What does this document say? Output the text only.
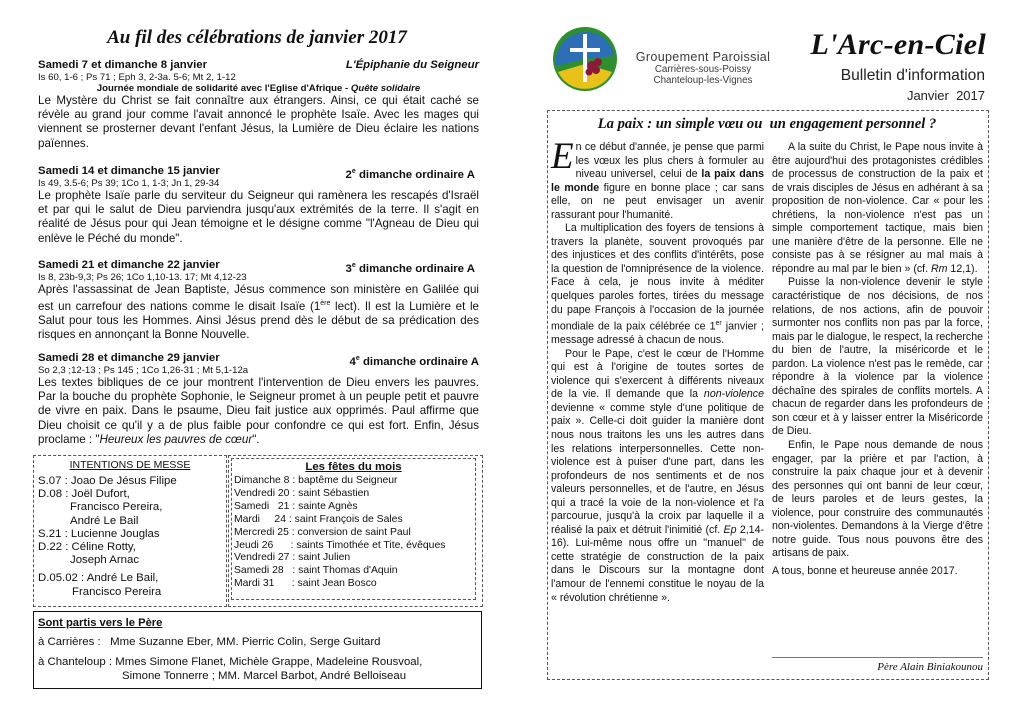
Au fil des célébrations de janvier 2017
Samedi 7 et dimanche 8 janvier	L'Épiphanie du Seigneur
Is 60, 1-6 ; Ps 71 ; Eph 3, 2-3a. 5-6; Mt 2, 1-12
Journée mondiale de solidarité avec l'Eglise d'Afrique - Quête solidaire

Le Mystère du Christ se fait connaître aux étrangers. Ainsi, ce qui était caché se révèle au grand jour comme l'avait annoncé le prophète Isaïe. Avec les mages qui viennent se prosterner devant l'enfant Jésus, la Lumière de Dieu éclaire les nations païennes.

Samedi 14 et dimanche 15 janvier	2e dimanche ordinaire A
Is 49, 3.5-6; Ps 39; 1Co 1, 1-3; Jn 1, 29-34

Le prophète Isaïe parle du serviteur du Seigneur qui ramènera les rescapés d'Israël et par qui le salut de Dieu parviendra jusqu'aux extrémités de la terre. Il s'agit en réalité de Jésus pour qui Jean témoigne et le désigne comme "l'Agneau de Dieu qui enlève le Péché du monde".

Samedi 21 et dimanche 22 janvier	3e dimanche ordinaire A
Is 8, 23b-9,3; Ps 26; 1Co 1,10-13. 17; Mt 4,12-23

Après l'assassinat de Jean Baptiste, Jésus commence son ministère en Galilée qui est un carrefour des nations comme le disait Isaïe (1ère lect). Il est la Lumière et le Salut pour tous les Hommes. Ainsi Jésus prend dès le début de sa prédication des risques en annonçant la Bonne Nouvelle.

Samedi 28 et dimanche 29 janvier	4e dimanche ordinaire A
So 2,3 ;12-13 ; Ps 145 ; 1Co 1,26-31 ; Mt 5,1-12a

Les textes bibliques de ce jour montrent l'intervention de Dieu envers les pauvres. Par la bouche du prophète Sophonie, le Seigneur promet à un peuple petit et pauvre de vivre en paix. Dans le psaume, Dieu fait justice aux opprimés. Paul affirme que Dieu choisit ce qu'il y a de plus faible pour confondre ce qui est fort. Enfin, Jésus proclame : "Heureux les pauvres de cœur".

INTENTIONS DE MESSE
S.07 : Joao De Jésus Filipe
D.08 : Joël Dufort,
Francisco Pereira,
André Le Bail
S.21 : Lucienne Jouglas
D.22 : Céline Rotty,
Joseph Arnac
D.05.02 : André Le Bail,
Francisco Pereira
Les fêtes du mois
Dimanche 8 : baptême du Seigneur
Vendredi 20 : saint Sébastien
Samedi   21 : sainte Agnès
Mardi     24 : saint François de Sales
Mercredi 25 : conversion de saint Paul
Jeudi 26      : saints Timothée et Tite, évêques
Vendredi 27 : saint Julien
Samedi 28   : saint Thomas d'Aquin
Mardi 31      : saint Jean Bosco
Sont partis vers le Père
à Carrières : Mme Suzanne Eber, MM. Pierric Colin, Serge Guitard
à Chanteloup : Mmes Simone Flanet, Michèle Grappe, Madeleine Rousvoal,
Simone Tonnerre ; MM. Marcel Barbot, André Belloiseau
Groupement Paroissial
Carrières-sous-Poissy
Chanteloup-les-Vignes
L'Arc-en-Ciel
Bulletin d'information
Janvier  2017
La paix : un simple vœu ou  un engagement personnel ?
E n ce début d'année, je pense que parmi les vœux les plus chers à formuler au niveau universel, celui de la paix dans le monde figure en bonne place ; car sans elle, on ne peut envisager un avenir rassurant pour l'humanité.

La multiplication des foyers de tensions à travers la planète, souvent provoqués par des injustices et des conflits d'intérêts, pose la question de l'omniprésence de la violence. Face à cela, je nous invite à méditer quelques paroles fortes, tirées du message du pape François à l'occasion de la journée mondiale de la paix célébrée ce 1er janvier ; message adressé à chacun de nous.

Pour le Pape, c'est le cœur de l'Homme qui est à l'origine de toutes sortes de violence qui s'exercent à différents niveaux de la vie. Il demande que la non-violence devienne « comme style d'une politique de paix ». Celle-ci doit guider la manière dont nous nous traitons les uns les autres dans les relations interpersonnelles. Cette non-violence est à puiser d'une part, dans les profondeurs de nos sentiments et de nos valeurs personnelles, et de l'autre, en Jésus qui a tracé la voie de la non-violence et l'a parcourue, jusqu'à la croix par laquelle il a réalisé la paix et détruit l'inimitié (cf. Ep 2,14-16). Lui-même nous offre un ''manuel'' de cette stratégie de construction de la paix dans le Discours sur la montagne dont l'amour de l'ennemi constitue le noyau de la « révolution chrétienne ».

A la suite du Christ, le Pape nous invite à être aujourd'hui des protagonistes crédibles de processus de construction de la paix et de vrais disciples de Jésus en adhérant à sa proposition de non-violence. Car « pour les chrétiens, la non-violence n'est pas un simple comportement tactique, mais bien une manière d'être de la personne. Elle ne consiste pas à se résigner au mal mais à répondre au mal par le bien » (cf. Rm 12,1).

Puisse la non-violence devenir le style caractéristique de nos décisions, de nos relations, de nos actions, afin de pouvoir surmonter nos conflits non pas par la force, mais par le dialogue, le respect, la recherche du bien de l'autre, la miséricorde et le pardon. La violence n'est pas le remède, car répondre à la violence par la violence déchaîne des spirales de conflits mortels. A chacun de regarder dans les profondeurs de son cœur et à y laisser entrer la Miséricorde de Dieu.

Enfin, le Pape nous demande de nous engager, par la prière et par l'action, à construire la paix chaque jour et à devenir des personnes qui ont banni de leur cœur, de leurs paroles et de leurs gestes, la violence, pour construire des communautés non-violentes. Demandons à la Vierge d'être notre guide. Tous nous pouvons être des artisans de paix.

A tous, bonne et heureuse année 2017.

Père Alain Biniakounou
